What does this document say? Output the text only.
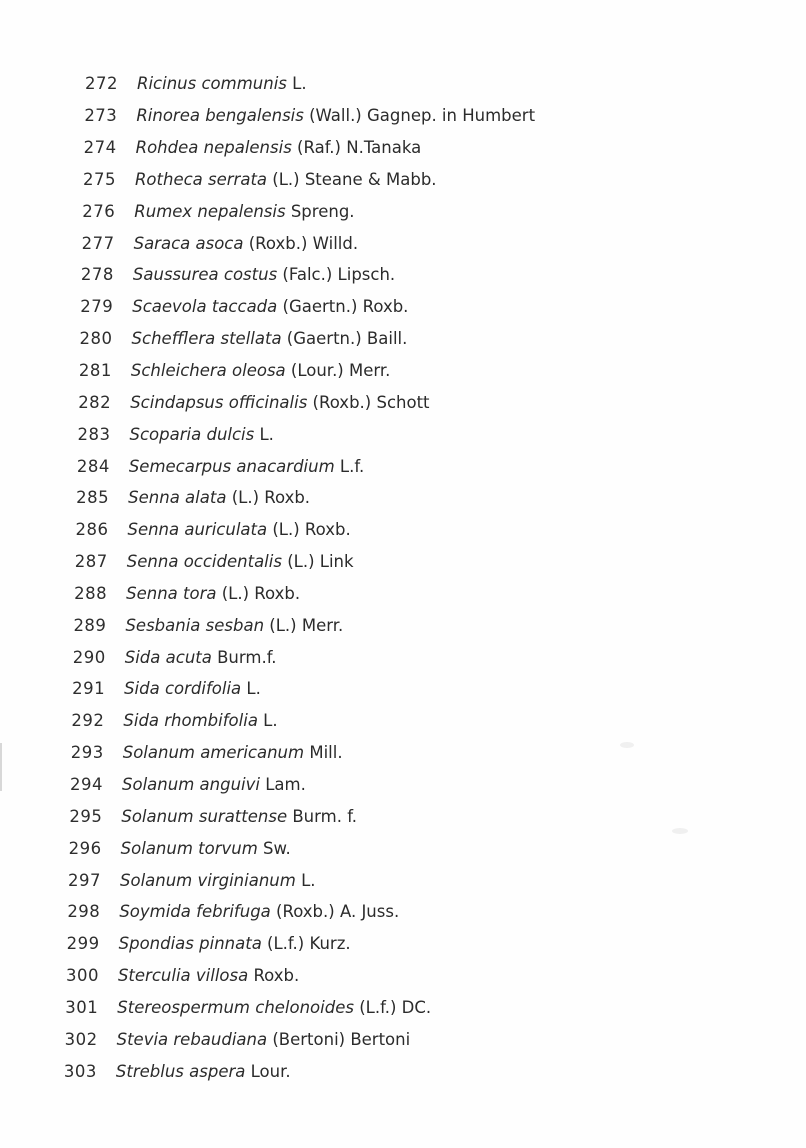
272	Ricinus communis L.
273	Rinorea bengalensis (Wall.) Gagnep. in Humbert
274	Rohdea nepalensis (Raf.) N.Tanaka
275	Rotheca serrata (L.) Steane & Mabb.
276	Rumex nepalensis Spreng.
277	Saraca asoca (Roxb.) Willd.
278	Saussurea costus (Falc.) Lipsch.
279	Scaevola taccada (Gaertn.) Roxb.
280	Schefflera stellata (Gaertn.) Baill.
281	Schleichera oleosa (Lour.) Merr.
282	Scindapsus officinalis (Roxb.) Schott
283	Scoparia dulcis L.
284	Semecarpus anacardium L.f.
285	Senna alata (L.) Roxb.
286	Senna auriculata (L.) Roxb.
287	Senna occidentalis (L.) Link
288	Senna tora (L.) Roxb.
289	Sesbania sesban (L.) Merr.
290	Sida acuta Burm.f.
291	Sida cordifolia L.
292	Sida rhombifolia L.
293	Solanum americanum Mill.
294	Solanum anguivi Lam.
295	Solanum surattense Burm. f.
296	Solanum torvum Sw.
297	Solanum virginianum L.
298	Soymida febrifuga (Roxb.) A. Juss.
299	Spondias pinnata (L.f.) Kurz.
300	Sterculia villosa Roxb.
301	Stereospermum chelonoides (L.f.) DC.
302	Stevia rebaudiana (Bertoni) Bertoni
303	Streblus aspera Lour.
